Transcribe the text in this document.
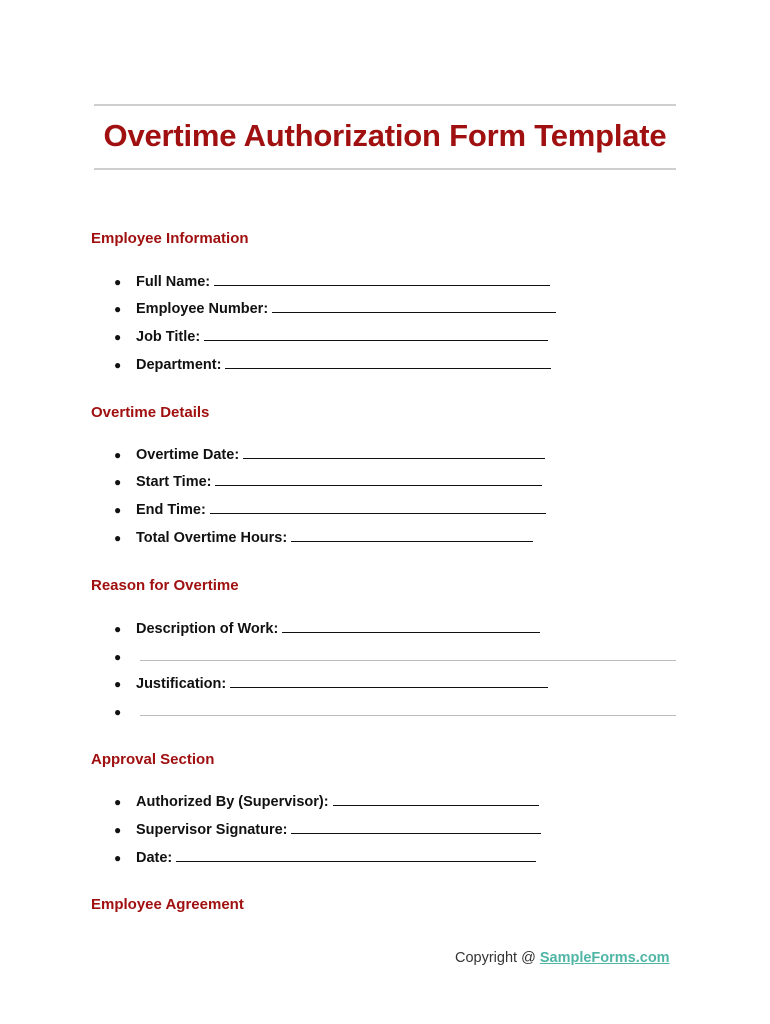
Overtime Authorization Form Template
Employee Information
● Full Name:
● Employee Number:
● Job Title:
● Department:
Overtime Details
● Overtime Date:
● Start Time:
● End Time:
● Total Overtime Hours:
Reason for Overtime
● Description of Work:
●
● Justification:
●
Approval Section
● Authorized By (Supervisor):
● Supervisor Signature:
● Date:
Employee Agreement
Copyright @ SampleForms.com
